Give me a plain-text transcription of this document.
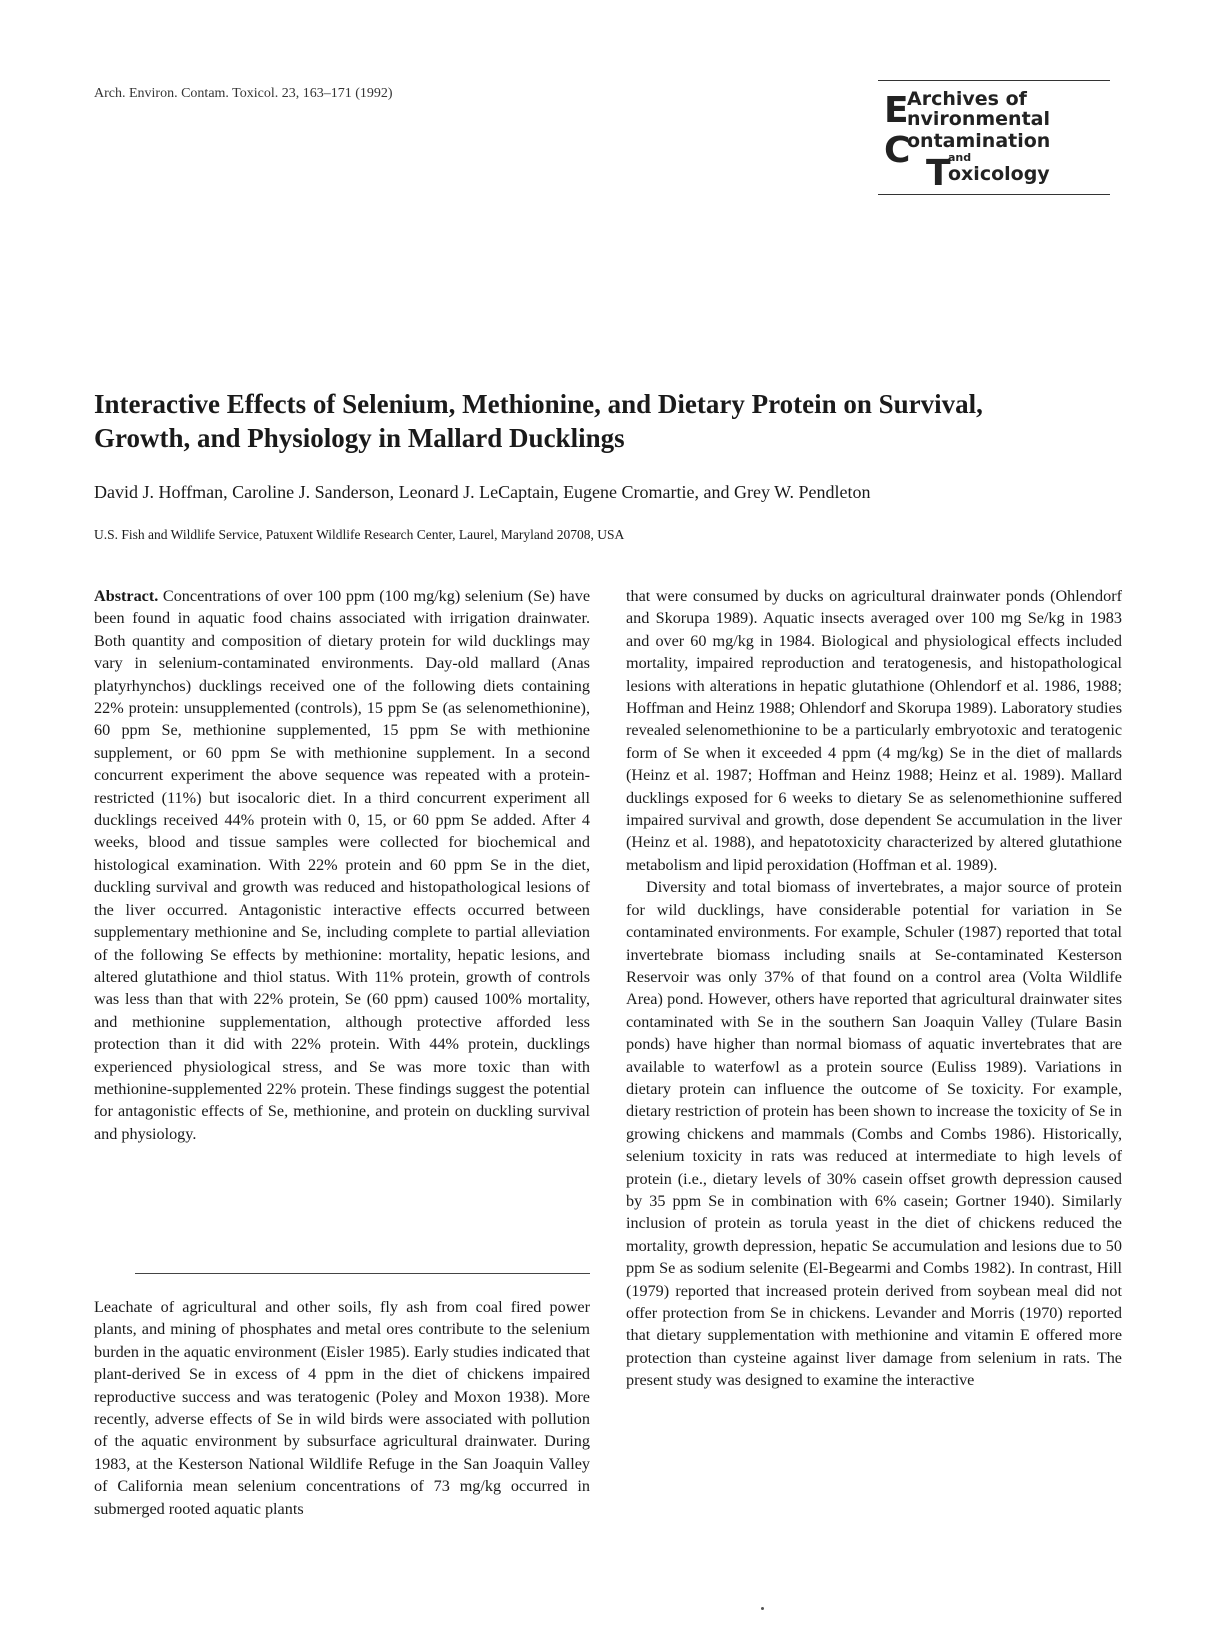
Arch. Environ. Contam. Toxicol. 23, 163–171 (1992)	E
Archives of
nvironmental
C
ontamination
and
T
oxicology
Interactive Effects of Selenium, Methionine, and Dietary Protein on Survival,
Growth, and Physiology in Mallard Ducklings
David J. Hoffman, Caroline J. Sanderson, Leonard J. LeCaptain, Eugene Cromartie, and Grey W. Pendleton
U.S. Fish and Wildlife Service, Patuxent Wildlife Research Center, Laurel, Maryland 20708, USA

Abstract. Concentrations of over 100 ppm (100 mg/kg) selenium (Se) have been found in aquatic food chains associated with irrigation drainwater. Both quantity and composition of dietary protein for wild ducklings may vary in selenium-contaminated environments. Day-old mallard (Anas platyrhynchos) ducklings received one of the following diets containing 22% protein: unsupplemented (controls), 15 ppm Se (as selenomethionine), 60 ppm Se, methionine supplemented, 15 ppm Se with methionine supplement, or 60 ppm Se with methionine supplement. In a second concurrent experiment the above sequence was repeated with a protein-restricted (11%) but isocaloric diet. In a third concurrent experiment all ducklings received 44% protein with 0, 15, or 60 ppm Se added. After 4 weeks, blood and tissue samples were collected for biochemical and histological examination. With 22% protein and 60 ppm Se in the diet, duckling survival and growth was reduced and histopathological lesions of the liver occurred. Antagonistic interactive effects occurred between supplementary methionine and Se, including complete to partial alleviation of the following Se effects by methionine: mortality, hepatic lesions, and altered glutathione and thiol status. With 11% protein, growth of controls was less than that with 22% protein, Se (60 ppm) caused 100% mortality, and methionine supplementation, although protective afforded less protection than it did with 22% protein. With 44% protein, ducklings experienced physiological stress, and Se was more toxic than with methionine-supplemented 22% protein. These findings suggest the potential for antagonistic effects of Se, methionine, and protein on duckling survival and physiology.

Leachate of agricultural and other soils, fly ash from coal fired power plants, and mining of phosphates and metal ores contribute to the selenium burden in the aquatic environment (Eisler 1985). Early studies indicated that plant-derived Se in excess of 4 ppm in the diet of chickens impaired reproductive success and was teratogenic (Poley and Moxon 1938). More recently, adverse effects of Se in wild birds were associated with pollution of the aquatic environment by subsurface agricultural drainwater. During 1983, at the Kesterson National Wildlife Refuge in the San Joaquin Valley of California mean selenium concentrations of 73 mg/kg occurred in submerged rooted aquatic plants

that were consumed by ducks on agricultural drainwater ponds (Ohlendorf and Skorupa 1989). Aquatic insects averaged over 100 mg Se/kg in 1983 and over 60 mg/kg in 1984. Biological and physiological effects included mortality, impaired reproduction and teratogenesis, and histopathological lesions with alterations in hepatic glutathione (Ohlendorf et al. 1986, 1988; Hoffman and Heinz 1988; Ohlendorf and Skorupa 1989). Laboratory studies revealed selenomethionine to be a particularly embryotoxic and teratogenic form of Se when it exceeded 4 ppm (4 mg/kg) Se in the diet of mallards (Heinz et al. 1987; Hoffman and Heinz 1988; Heinz et al. 1989). Mallard ducklings exposed for 6 weeks to dietary Se as selenomethionine suffered impaired survival and growth, dose dependent Se accumulation in the liver (Heinz et al. 1988), and hepatotoxicity characterized by altered glutathione metabolism and lipid peroxidation (Hoffman et al. 1989).

Diversity and total biomass of invertebrates, a major source of protein for wild ducklings, have considerable potential for variation in Se contaminated environments. For example, Schuler (1987) reported that total invertebrate biomass including snails at Se-contaminated Kesterson Reservoir was only 37% of that found on a control area (Volta Wildlife Area) pond. However, others have reported that agricultural drainwater sites contaminated with Se in the southern San Joaquin Valley (Tulare Basin ponds) have higher than normal biomass of aquatic invertebrates that are available to waterfowl as a protein source (Euliss 1989). Variations in dietary protein can influence the outcome of Se toxicity. For example, dietary restriction of protein has been shown to increase the toxicity of Se in growing chickens and mammals (Combs and Combs 1986). Historically, selenium toxicity in rats was reduced at intermediate to high levels of protein (i.e., dietary levels of 30% casein offset growth depression caused by 35 ppm Se in combination with 6% casein; Gortner 1940). Similarly inclusion of protein as torula yeast in the diet of chickens reduced the mortality, growth depression, hepatic Se accumulation and lesions due to 50 ppm Se as sodium selenite (El-Begearmi and Combs 1982). In contrast, Hill (1979) reported that increased protein derived from soybean meal did not offer protection from Se in chickens. Levander and Morris (1970) reported that dietary supplementation with methionine and vitamin E offered more protection than cysteine against liver damage from selenium in rats. The present study was designed to examine the interactive
